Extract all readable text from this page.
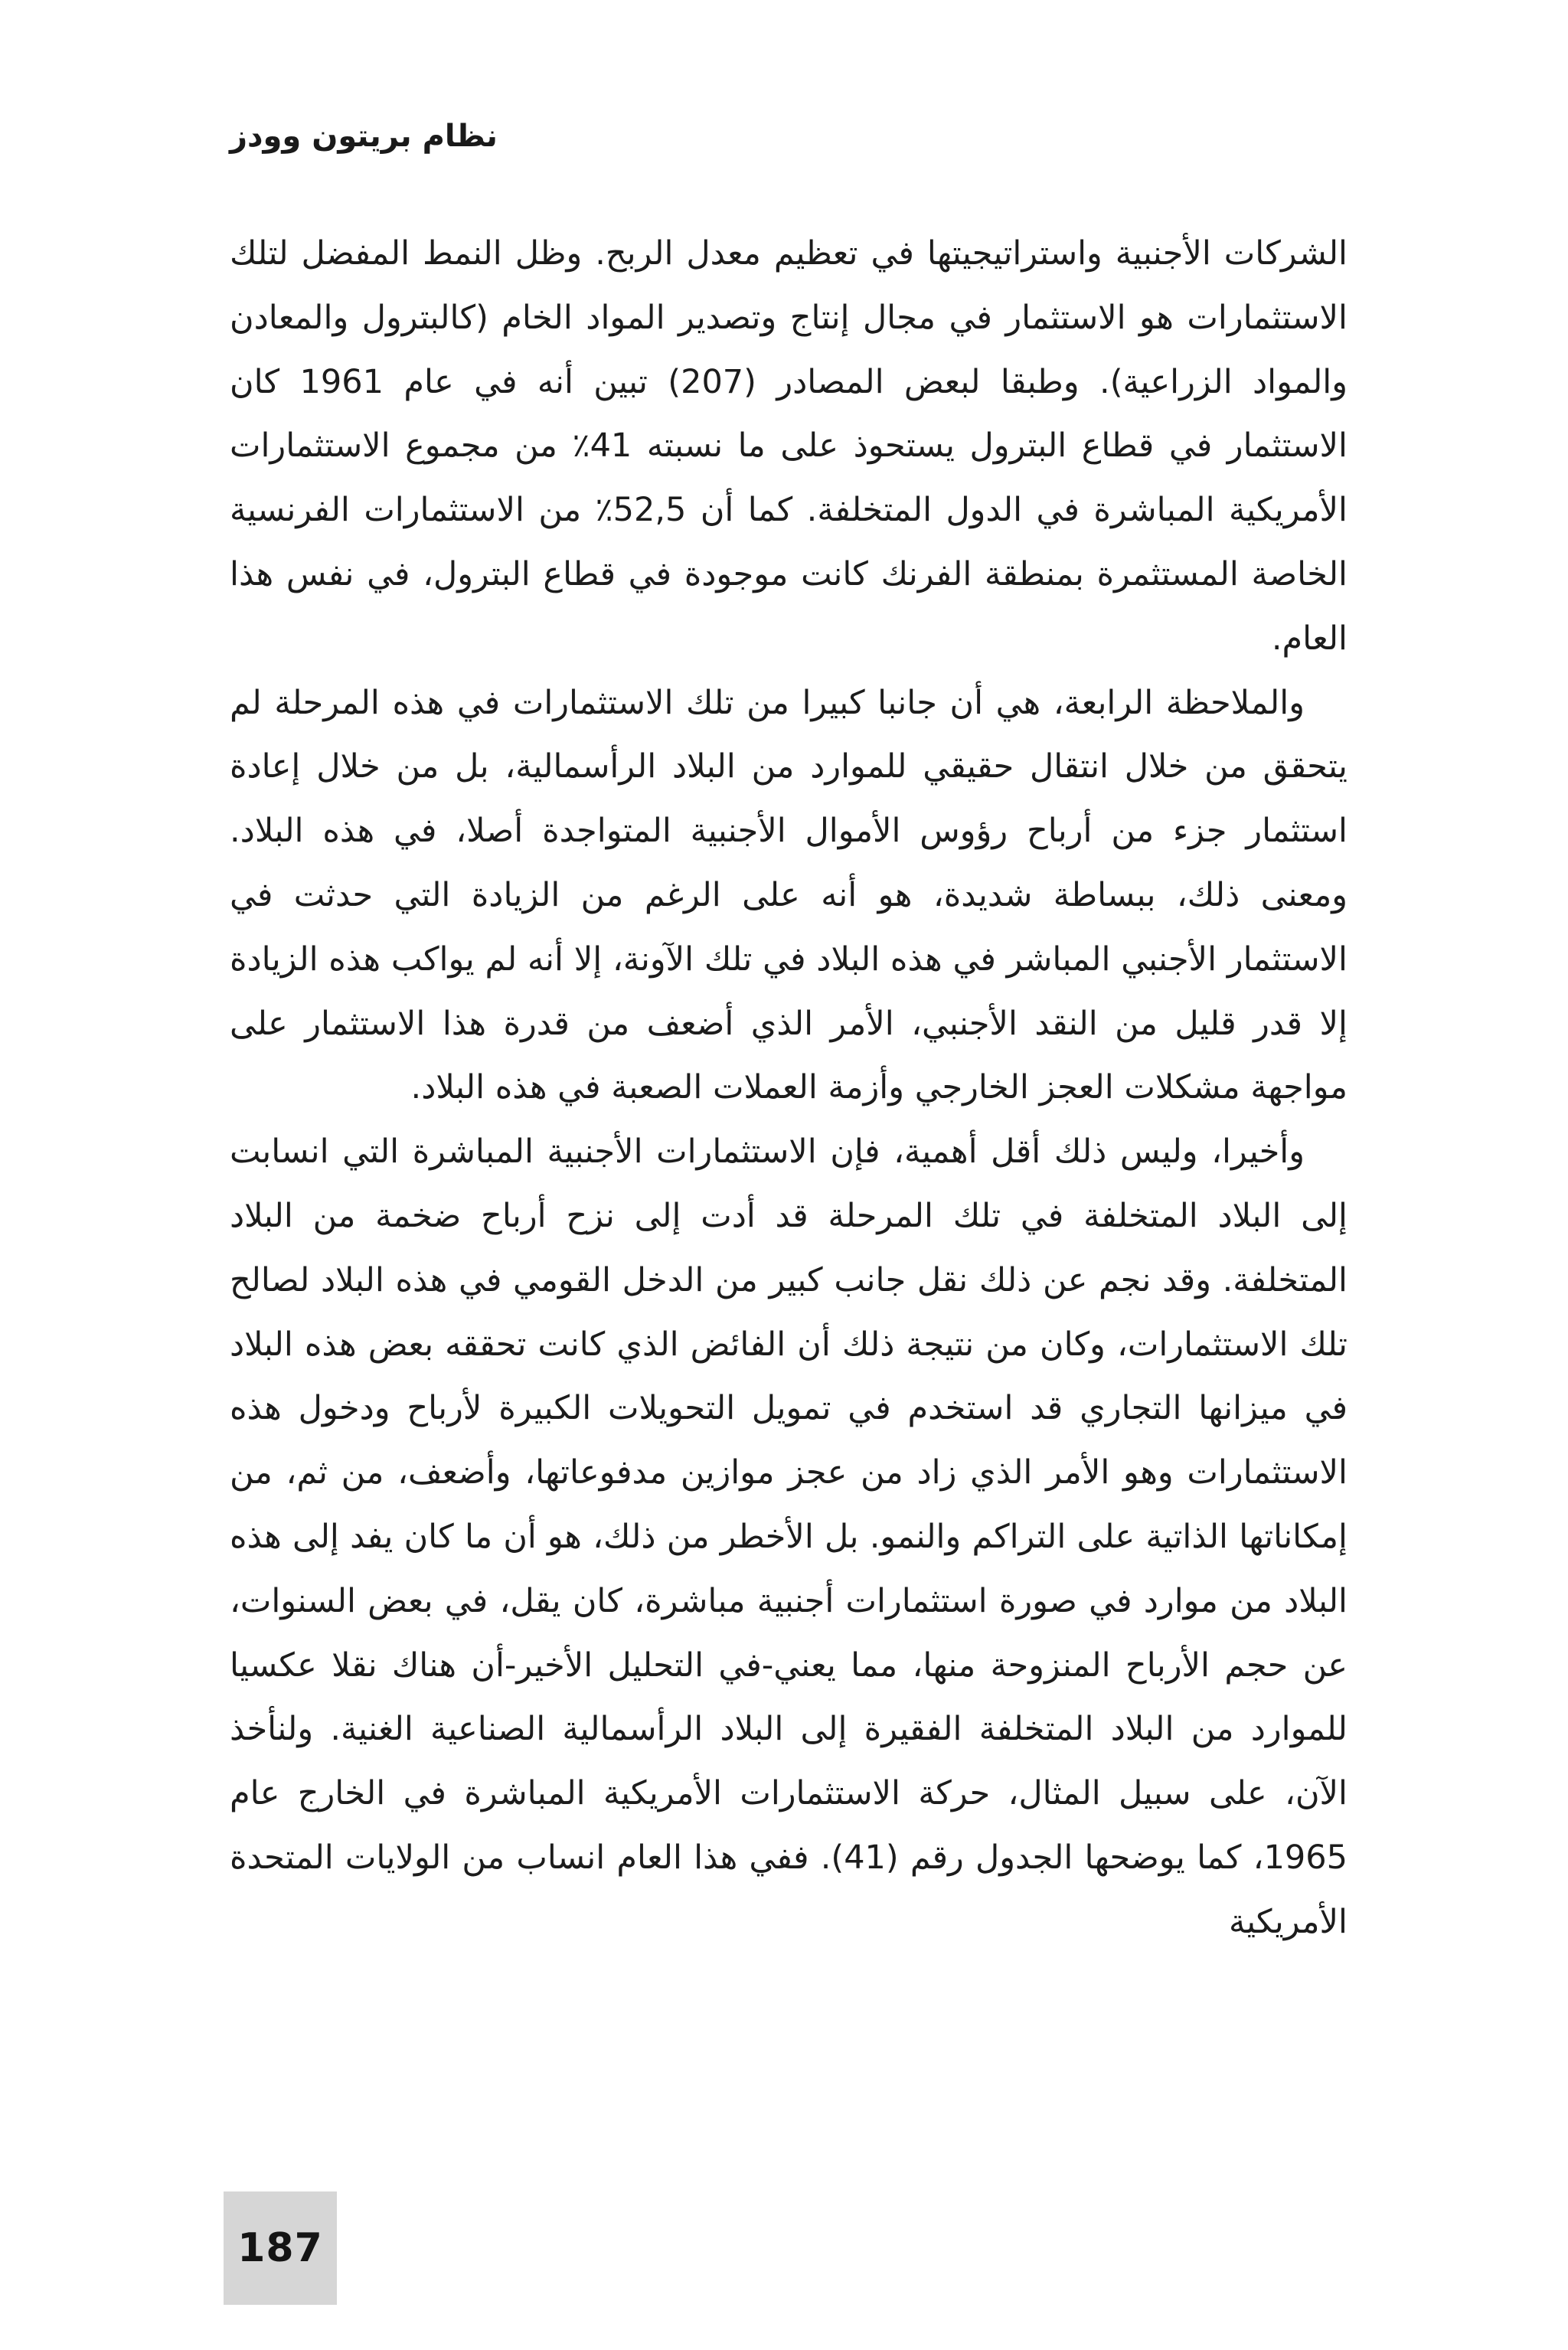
نظام بريتون وودز

الشركات الأجنبية واستراتيجيتها في تعظيم معدل الربح. وظل النمط المفضل لتلك الاستثمارات هو الاستثمار في مجال إنتاج وتصدير المواد الخام (كالبترول والمعادن والمواد الزراعية). وطبقا لبعض المصادر (207) تبين أنه في عام 1961 كان الاستثمار في قطاع البترول يستحوذ على ما نسبته 41٪ من مجموع الاستثمارات الأمريكية المباشرة في الدول المتخلفة. كما أن 52,5٪ من الاستثمارات الفرنسية الخاصة المستثمرة بمنطقة الفرنك كانت موجودة في قطاع البترول، في نفس هذا العام.

والملاحظة الرابعة، هي أن جانبا كبيرا من تلك الاستثمارات في هذه المرحلة لم يتحقق من خلال انتقال حقيقي للموارد من البلاد الرأسمالية، بل من خلال إعادة استثمار جزء من أرباح رؤوس الأموال الأجنبية المتواجدة أصلا، في هذه البلاد. ومعنى ذلك، ببساطة شديدة، هو أنه على الرغم من الزيادة التي حدثت في الاستثمار الأجنبي المباشر في هذه البلاد في تلك الآونة، إلا أنه لم يواكب هذه الزيادة إلا قدر قليل من النقد الأجنبي، الأمر الذي أضعف من قدرة هذا الاستثمار على مواجهة مشكلات العجز الخارجي وأزمة العملات الصعبة في هذه البلاد.

وأخيرا، وليس ذلك أقل أهمية، فإن الاستثمارات الأجنبية المباشرة التي انسابت إلى البلاد المتخلفة في تلك المرحلة قد أدت إلى نزح أرباح ضخمة من البلاد المتخلفة. وقد نجم عن ذلك نقل جانب كبير من الدخل القومي في هذه البلاد لصالح تلك الاستثمارات، وكان من نتيجة ذلك أن الفائض الذي كانت تحققه بعض هذه البلاد في ميزانها التجاري قد استخدم في تمويل التحويلات الكبيرة لأرباح ودخول هذه الاستثمارات وهو الأمر الذي زاد من عجز موازين مدفوعاتها، وأضعف، من ثم، من إمكاناتها الذاتية على التراكم والنمو. بل الأخطر من ذلك، هو أن ما كان يفد إلى هذه البلاد من موارد في صورة استثمارات أجنبية مباشرة، كان يقل، في بعض السنوات، عن حجم الأرباح المنزوحة منها، مما يعني-في التحليل الأخير-أن هناك نقلا عكسيا للموارد من البلاد المتخلفة الفقيرة إلى البلاد الرأسمالية الصناعية الغنية. ولنأخذ الآن، على سبيل المثال، حركة الاستثمارات الأمريكية المباشرة في الخارج عام 1965، كما يوضحها الجدول رقم (41). ففي هذا العام انساب من الولايات المتحدة الأمريكية

187
